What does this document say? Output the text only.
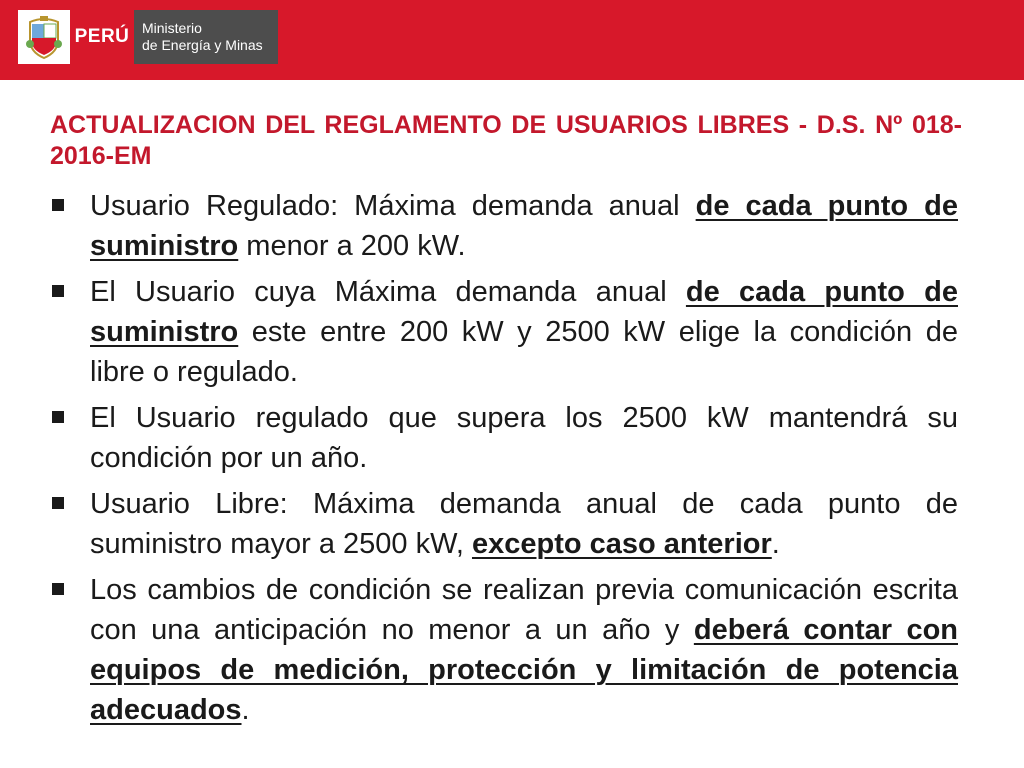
PERÚ Ministerio
de Energía y Minas
ACTUALIZACION DEL REGLAMENTO DE USUARIOS LIBRES - D.S. Nº 018-2016-EM
Usuario Regulado: Máxima demanda anual de cada punto de suministro menor a 200 kW.
El Usuario cuya Máxima demanda anual de cada punto de suministro este entre 200 kW y 2500 kW elige la condición de libre o regulado.
El Usuario regulado que supera los 2500 kW mantendrá su condición por un año.
Usuario Libre: Máxima demanda anual de cada punto de suministro mayor a 2500 kW, excepto caso anterior.
Los cambios de condición se realizan previa comunicación escrita con una anticipación no menor a un año y deberá contar con equipos de medición, protección y limitación de potencia adecuados.
